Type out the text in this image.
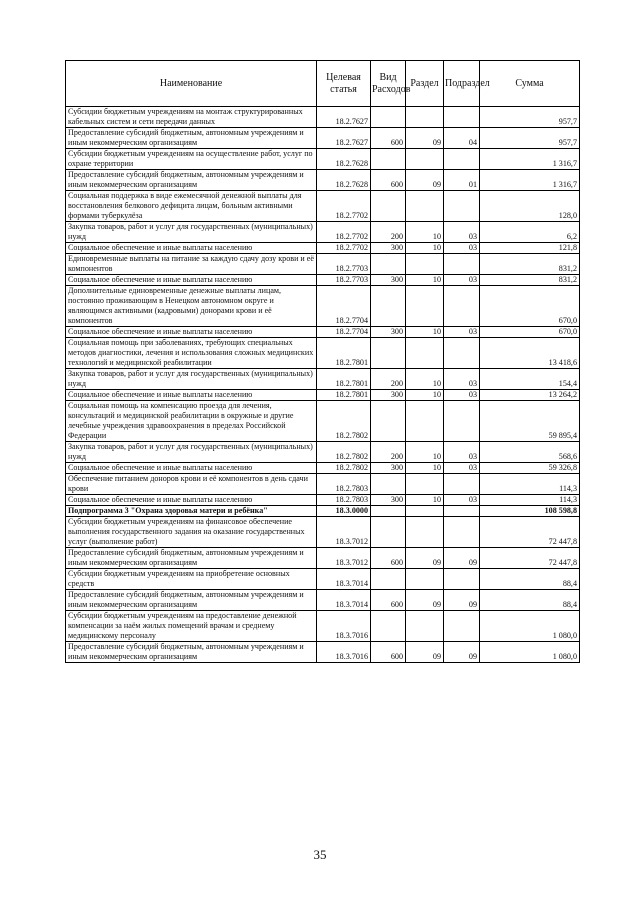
Наименование	Целевая статья	Вид Расходов	Раздел	Подраздел	Сумма
Субсидии бюджетным учреждениям на монтаж структурированных кабельных систем и сети передачи данных	18.2.7627				957,7
Предоставление субсидий бюджетным, автономным учреждениям и иным некоммерческим организациям	18.2.7627	600	09	04	957,7
Субсидии бюджетным учреждениям на осуществление работ, услуг по охране территории	18.2.7628				1 316,7
Предоставление субсидий бюджетным, автономным учреждениям и иным некоммерческим организациям	18.2.7628	600	09	01	1 316,7
Социальная поддержка в виде ежемесячной денежной выплаты для восстановления белкового дефицита лицам, больным активными формами туберкулёза	18.2.7702				128,0
Закупка товаров, работ и услуг для государственных (муниципальных) нужд	18.2.7702	200	10	03	6,2
Социальное обеспечение и иные выплаты населению	18.2.7702	300	10	03	121,8
Единовременные выплаты на питание за каждую сдачу дозу крови и её компонентов	18.2.7703				831,2
Социальное обеспечение и иные выплаты населению	18.2.7703	300	10	03	831,2
Дополнительные единовременные денежные выплаты лицам, постоянно проживающим в Ненецком автономном округе и являющимся активными (кадровыми) донорами крови и её компонентов	18.2.7704				670,0
Социальное обеспечение и иные выплаты населению	18.2.7704	300	10	03	670,0
Социальная помощь при заболеваниях, требующих специальных методов диагностики, лечения и использования сложных медицинских технологий и медицинской реабилитации	18.2.7801				13 418,6
Закупка товаров, работ и услуг для государственных (муниципальных) нужд	18.2.7801	200	10	03	154,4
Социальное обеспечение и иные выплаты населению	18.2.7801	300	10	03	13 264,2
Социальная помощь на компенсацию проезда для лечения, консультаций и медицинской реабилитации в окружные и другие лечебные учреждения здравоохранения в пределах Российской Федерации	18.2.7802				59 895,4
Закупка товаров, работ и услуг для государственных (муниципальных) нужд	18.2.7802	200	10	03	568,6
Социальное обеспечение и иные выплаты населению	18.2.7802	300	10	03	59 326,8
Обеспечение питанием доноров крови и её компонентов в день сдачи крови	18.2.7803				114,3
Социальное обеспечение и иные выплаты населению	18.2.7803	300	10	03	114,3
Подпрограмма 3 "Охрана здоровья матери и ребёнка"	18.3.0000				108 598,8
Субсидии бюджетным учреждениям на финансовое обеспечение выполнения государственного задания на оказание государственных услуг (выполнение работ)	18.3.7012				72 447,8
Предоставление субсидий бюджетным, автономным учреждениям и иным некоммерческим организациям	18.3.7012	600	09	09	72 447,8
Субсидии бюджетным учреждениям на приобретение основных средств	18.3.7014				88,4
Предоставление субсидий бюджетным, автономным учреждениям и иным некоммерческим организациям	18.3.7014	600	09	09	88,4
Субсидии бюджетным учреждениям на предоставление денежной компенсации за наём жилых помещений врачам и среднему медицинскому персоналу	18.3.7016				1 080,0
Предоставление субсидий бюджетным, автономным учреждениям и иным некоммерческим организациям	18.3.7016	600	09	09	1 080,0
35
